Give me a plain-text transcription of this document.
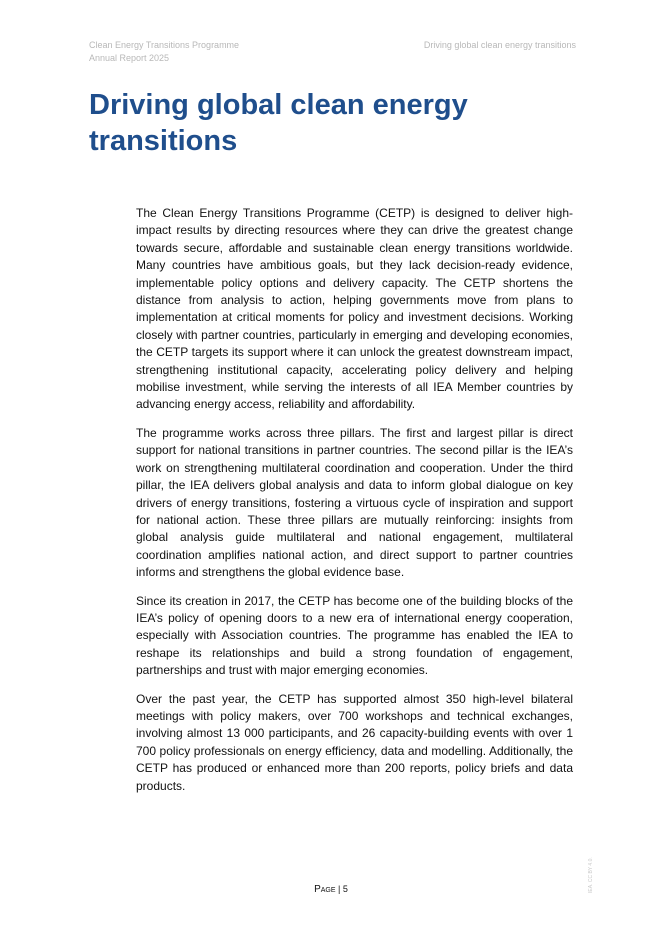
Clean Energy Transitions Programme
Annual Report 2025
Driving global clean energy transitions
Driving global clean energy transitions

The Clean Energy Transitions Programme (CETP) is designed to deliver high-impact results by directing resources where they can drive the greatest change towards secure, affordable and sustainable clean energy transitions worldwide. Many countries have ambitious goals, but they lack decision-ready evidence, implementable policy options and delivery capacity. The CETP shortens the distance from analysis to action, helping governments move from plans to implementation at critical moments for policy and investment decisions. Working closely with partner countries, particularly in emerging and developing economies, the CETP targets its support where it can unlock the greatest downstream impact, strengthening institutional capacity, accelerating policy delivery and helping mobilise investment, while serving the interests of all IEA Member countries by advancing energy access, reliability and affordability.

The programme works across three pillars. The first and largest pillar is direct support for national transitions in partner countries. The second pillar is the IEA’s work on strengthening multilateral coordination and cooperation. Under the third pillar, the IEA delivers global analysis and data to inform global dialogue on key drivers of energy transitions, fostering a virtuous cycle of inspiration and support for national action. These three pillars are mutually reinforcing: insights from global analysis guide multilateral and national engagement, multilateral coordination amplifies national action, and direct support to partner countries informs and strengthens the global evidence base.

Since its creation in 2017, the CETP has become one of the building blocks of the IEA’s policy of opening doors to a new era of international energy cooperation, especially with Association countries. The programme has enabled the IEA to reshape its relationships and build a strong foundation of engagement, partnerships and trust with major emerging economies.

Over the past year, the CETP has supported almost 350 high-level bilateral meetings with policy makers, over 700 workshops and technical exchanges, involving almost 13 000 participants, and 26 capacity-building events with over 1 700 policy professionals on energy efficiency, data and modelling. Additionally, the CETP has produced or enhanced more than 200 reports, policy briefs and data products.

Page | 5	IEA. CC BY 4.0.
